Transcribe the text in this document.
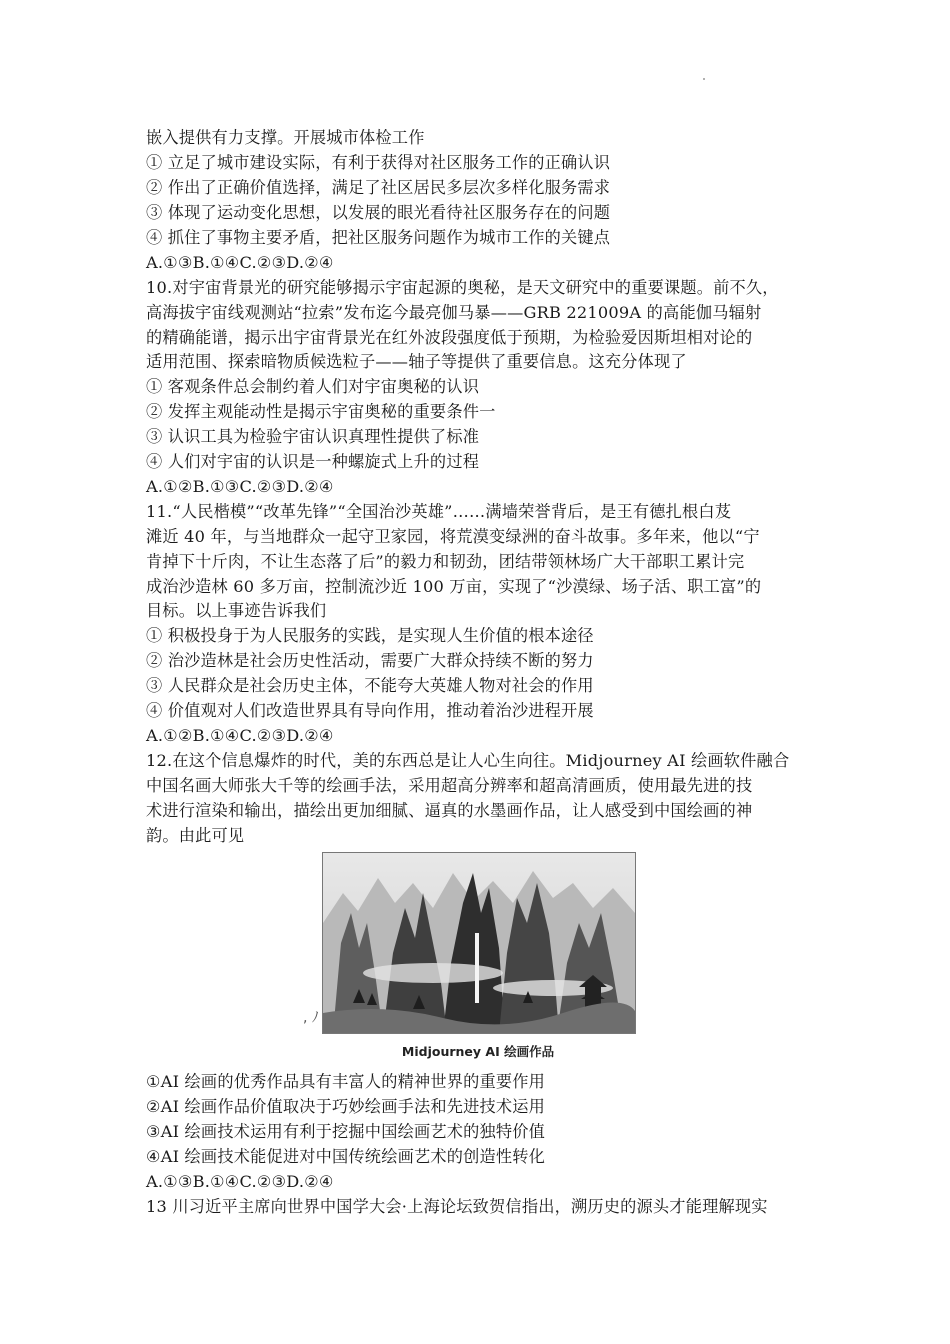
嵌入提供有力支撑。开展城市体检工作
① 立足了城市建设实际，有利于获得对社区服务工作的正确认识
② 作出了正确价值选择，满足了社区居民多层次多样化服务需求
③ 体现了运动变化思想，以发展的眼光看待社区服务存在的问题
④ 抓住了事物主要矛盾，把社区服务问题作为城市工作的关键点
A.①③B.①④C.②③D.②④
10.对宇宙背景光的研究能够揭示宇宙起源的奥秘，是天文研究中的重要课题。前不久，
高海拔宇宙线观测站“拉索”发布迄今最亮伽马暴——GRB 221009A 的高能伽马辐射
的精确能谱，揭示出宇宙背景光在红外波段强度低于预期，为检验爱因斯坦相对论的
适用范围、探索暗物质候选粒子——轴子等提供了重要信息。这充分体现了
① 客观条件总会制约着人们对宇宙奥秘的认识
② 发挥主观能动性是揭示宇宙奥秘的重要条件一
③ 认识工具为检验宇宙认识真理性提供了标准
④ 人们对宇宙的认识是一种螺旋式上升的过程
A.①②B.①③C.②③D.②④
11.“人民楷模”“改革先锋”“全国治沙英雄”……满墙荣誉背后，是王有德扎根白芨
滩近 40 年，与当地群众一起守卫家园，将荒漠变绿洲的奋斗故事。多年来，他以“宁
肯掉下十斤肉，不让生态落了后”的毅力和韧劲，团结带领林场广大干部职工累计完
成治沙造林 60 多万亩，控制流沙近 100 万亩，实现了“沙漠绿、场子活、职工富”的
目标。以上事迹告诉我们
① 积极投身于为人民服务的实践，是实现人生价值的根本途径
② 治沙造林是社会历史性活动，需要广大群众持续不断的努力
③ 人民群众是社会历史主体，不能夸大英雄人物对社会的作用
④ 价值观对人们改造世界具有导向作用，推动着治沙进程开展
A.①②B.①④C.②③D.②④
12.在这个信息爆炸的时代，美的东西总是让人心生向往。Midjourney AI 绘画软件融合
中国名画大师张大千等的绘画手法，采用超高分辨率和超高清画质，使用最先进的技
术进行渲染和输出，描绘出更加细腻、逼真的水墨画作品，让人感受到中国绘画的神
韵。由此可见
, ﾉ
Midjourney AI 绘画作品
①AI 绘画的优秀作品具有丰富人的精神世界的重要作用
②AI 绘画作品价值取决于巧妙绘画手法和先进技术运用
③AI 绘画技术运用有利于挖掘中国绘画艺术的独特价值
④AI 绘画技术能促进对中国传统绘画艺术的创造性转化
A.①③B.①④C.②③D.②④
13 川习近平主席向世界中国学大会·上海论坛致贺信指出，溯历史的源头才能理解现实
